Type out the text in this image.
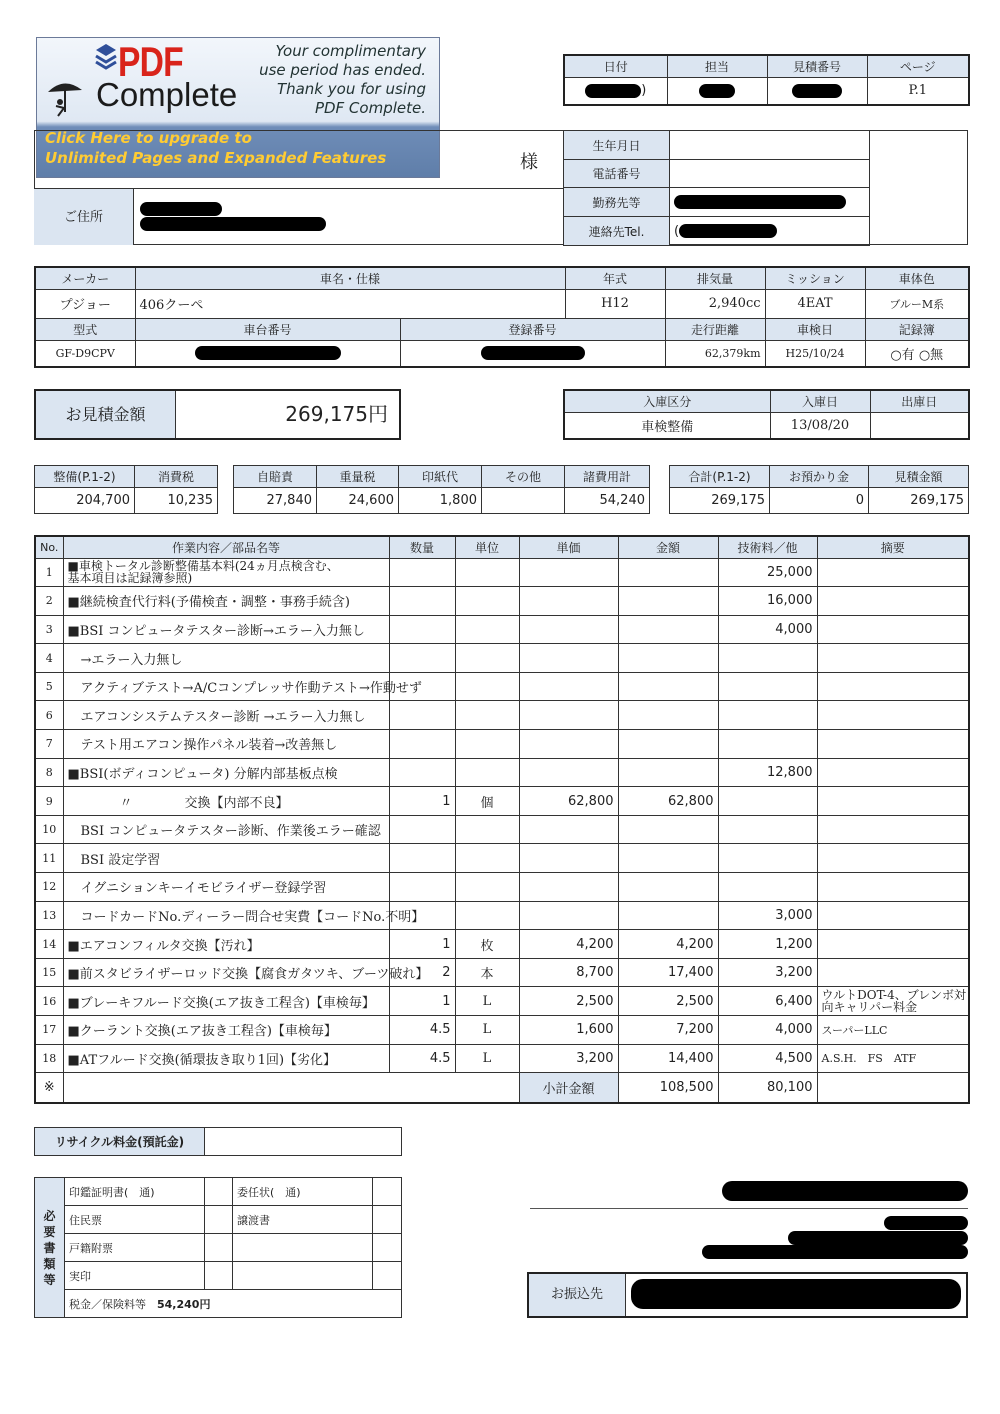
PDF
Complete
Your complimentary
use period has ended.
Thank you for using
PDF Complete.
Click Here to upgrade to
Unlimited Pages and Expanded Features
日付	担当	見積番号	ページ
)			P.1
様
ご住所
生年月日	
電話番号	
勤務先等	
連絡先Tel.	(
メーカー	車名・仕様		年式	排気量	ミッション	車体色
プジョー	406クーペ		H12	2,940cc	4EAT	ブルーM系
型式	車台番号	登録番号		走行距離	車検日	記録簿
GF-D9CPV				62,379km	H25/10/24	○有 ○無
お見積金額	269,175円
入庫区分	入庫日	出庫日
車検整備	13/08/20	
整備(P.1-2)	消費税
204,700	10,235
自賠責	重量税	印紙代	その他	諸費用計
27,840	24,600	1,800		54,240
合計(P.1-2)	お預かり金	見積金額
269,175	0	269,175
No.	作業内容／部品名等	数量	単位	単価	金額	技術料／他	摘要
1	■車検トータル診断整備基本料(24ヵ月点検含む、
基本項目は記録簿参照)					25,000	

2	■継続検査代行料(予備検査・調整・事務手続含)					16,000	
3	■BSI コンピュータテスター診断→エラー入力無し					4,000	
4	　→エラー入力無し						
5	　アクティブテスト→A/Cコンプレッサ作動テスト→作動せず						
6	　エアコンシステムテスター診断 →エラー入力無し						
7	　テスト用エアコン操作パネル装着→改善無し						
8	■BSI(ボディコンピュータ) 分解内部基板点検					12,800	
9	　　　　〃　　　　交換【内部不良】	1	個	62,800	62,800		
10	　BSI コンピュータテスター診断、作業後エラー確認						
11	　BSI 設定学習						
12	　イグニションキーイモビライザー登録学習						
13	　コードカードNo.ディーラー問合せ実費【コードNo.不明】					3,000	
14	■エアコンフィルタ交換【汚れ】	1	枚	4,200	4,200	1,200	
15	■前スタビライザーロッド交換【腐食ガタツキ、ブーツ破れ】	2	本	8,700	17,400	3,200	
16	■ブレーキフルード交換(エア抜き工程含)【車検毎】	1	L	2,500	2,500	6,400	ウルトDOT-4、ブレンボ対
向キャリパー料金

17	■クーラント交換(エア抜き工程含)【車検毎】	4.5	L	1,600	7,200	4,000	スーパーLLC
18	■ATフルード交換(循環抜き取り1回)【劣化】	4.5	L	3,200	14,400	4,500	A.S.H.　FS　ATF
※				小計金額	108,500	80,100	
リサイクル料金(預託金)	
必要書類等	印鑑証明書(　通)		委任状(　通)	
	住民票		譲渡書	
	戸籍附票			
	実印			
	税金／保険料等　 54,240円			
お振込先
